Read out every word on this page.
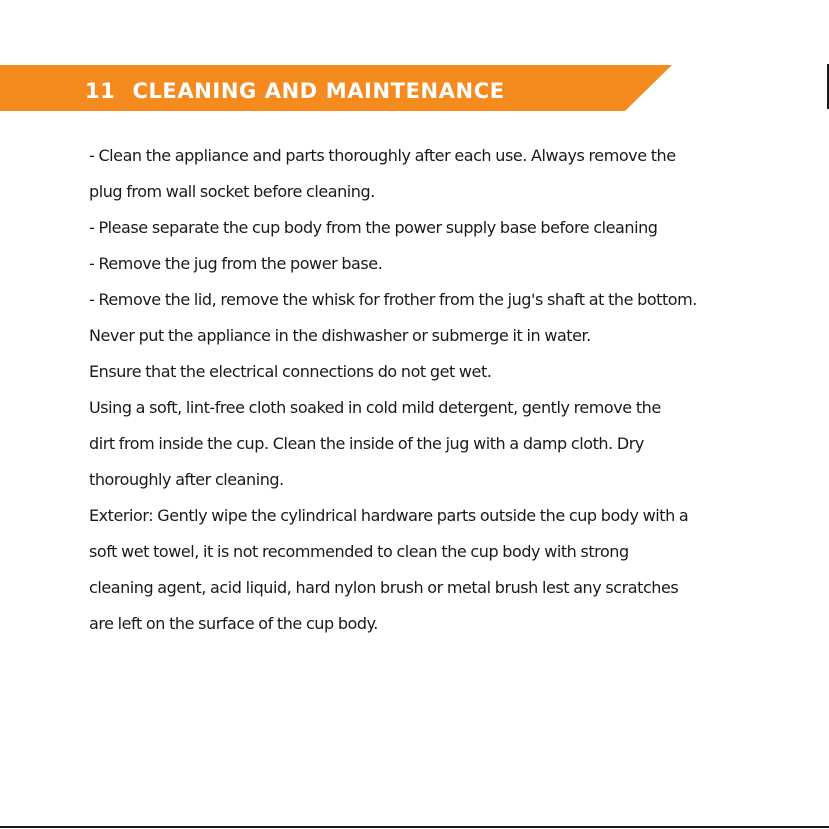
11 CLEANING AND MAINTENANCE
- Clean the appliance and parts thoroughly after each use. Always remove the
plug from wall socket before cleaning.
- Please separate the cup body from the power supply base before cleaning
- Remove the jug from the power base.
- Remove the lid, remove the whisk for frother from the jug's shaft at the bottom.
Never put the appliance in the dishwasher or submerge it in water.
Ensure that the electrical connections do not get wet.
Using a soft, lint-free cloth soaked in cold mild detergent, gently remove the
dirt from inside the cup. Clean the inside of the jug with a damp cloth. Dry
thoroughly after cleaning.
Exterior: Gently wipe the cylindrical hardware parts outside the cup body with a
soft wet towel, it is not recommended to clean the cup body with strong
cleaning agent, acid liquid, hard nylon brush or metal brush lest any scratches
are left on the surface of the cup body.
